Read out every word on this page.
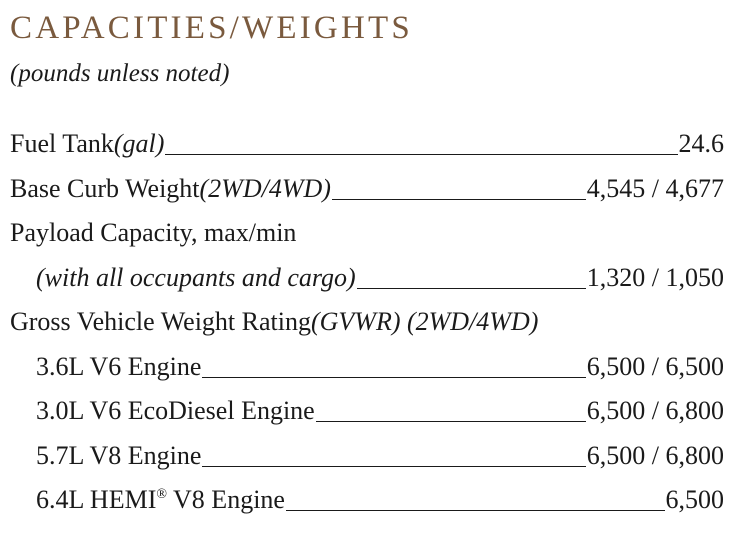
CAPACITIES/WEIGHTS
(pounds unless noted)
Fuel Tank (gal)	24.6
Base Curb Weight (2WD/4WD)	4,545 / 4,677
Payload Capacity, max/min
(with all occupants and cargo)	1,320 / 1,050
Gross Vehicle Weight Rating (GVWR) (2WD/4WD)
3.6L V6 Engine	6,500 / 6,500
3.0L V6 EcoDiesel Engine	6,500 / 6,800
5.7L V8 Engine	6,500 / 6,800
6.4L HEMI® V8 Engine	6,500
